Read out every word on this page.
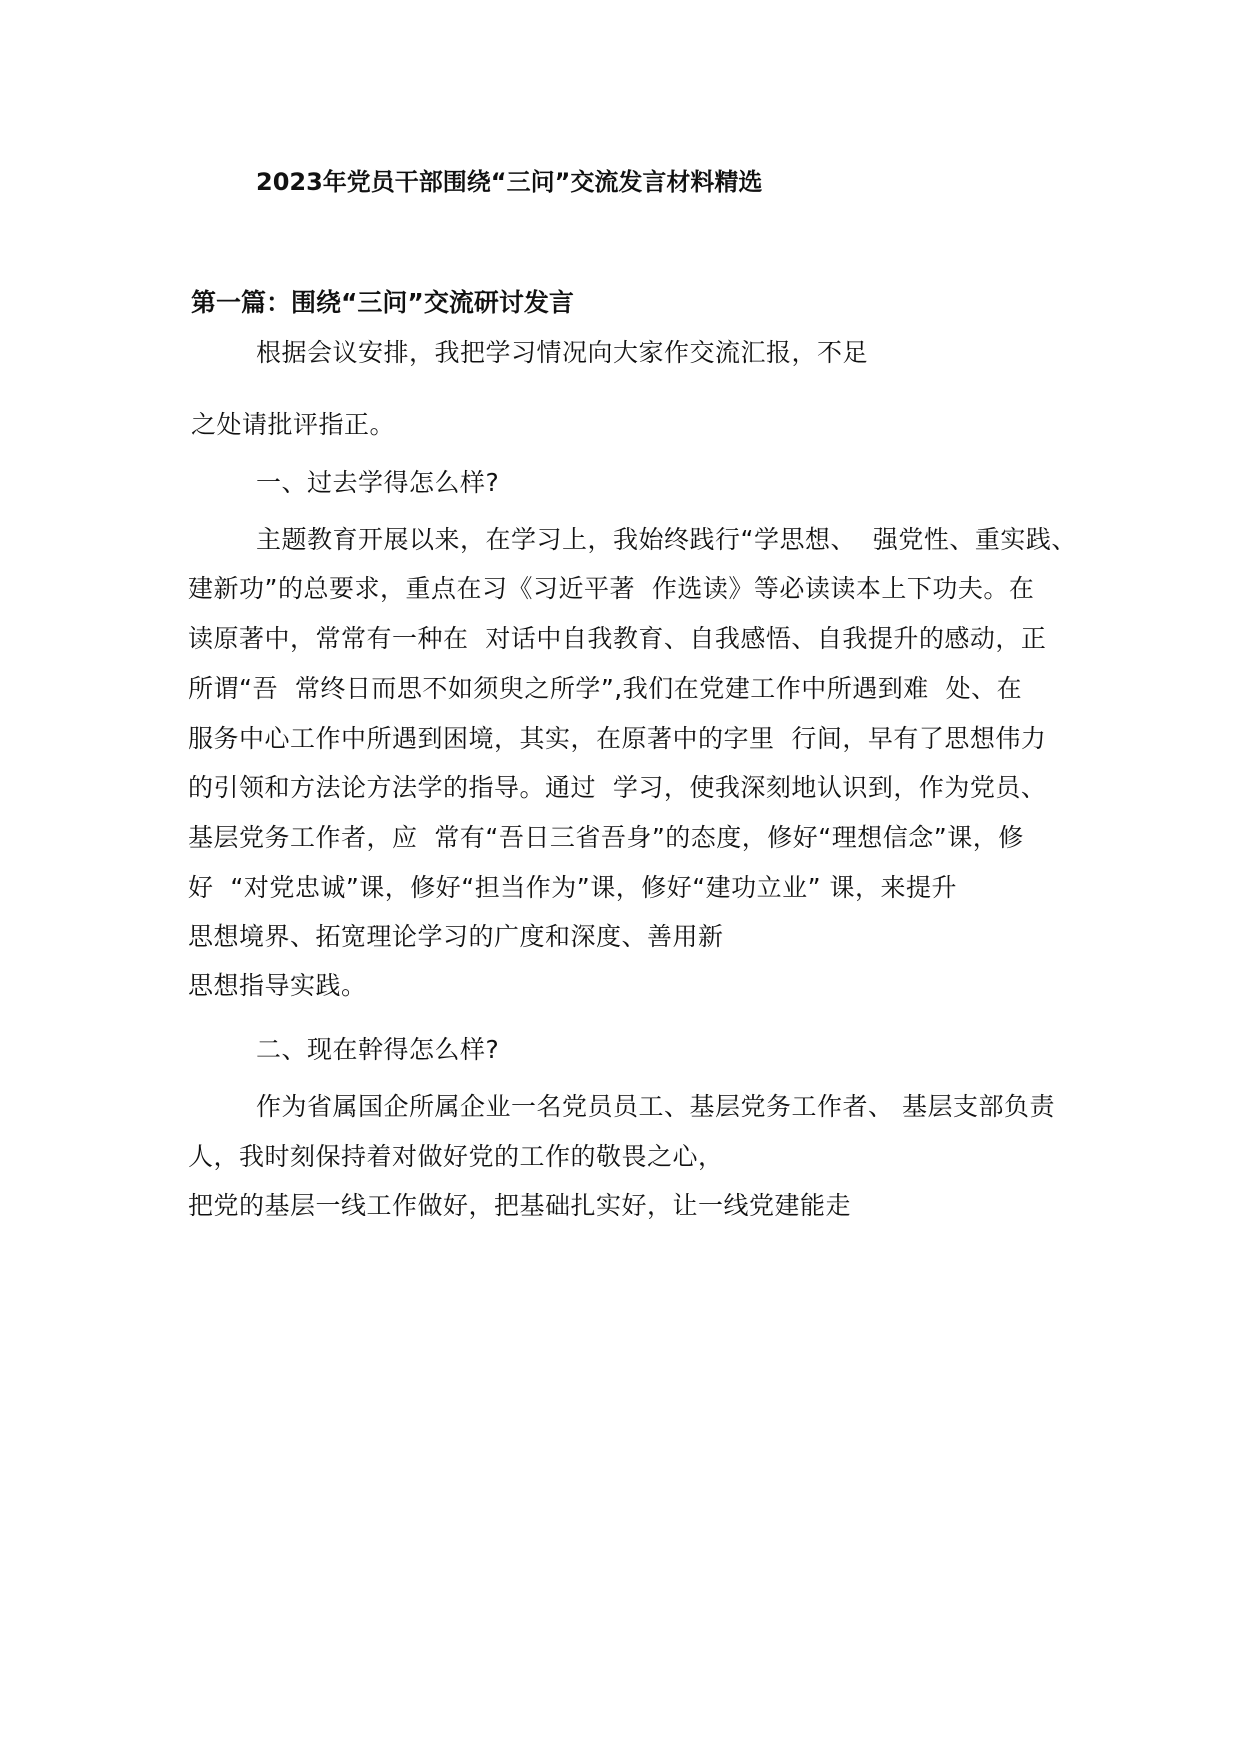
2023年党员干部围绕“三问”交流发言材料精选
第一篇：围绕“三问”交流研讨发言
根据会议安排，我把学习情况向大家作交流汇报，不足
之处请批评指正。
一、过去学得怎么样?
主题教育开展以来，在学习上，我始终践行“学思想、  强党性、重实践、
建新功”的总要求，重点在习《习近平著  作选读》等必读读本上下功夫。在
读原著中，常常有一种在  对话中自我教育、自我感悟、自我提升的感动，正
所谓“吾  常终日而思不如须臾之所学”,我们在党建工作中所遇到难  处、在
服务中心工作中所遇到困境，其实，在原著中的字里  行间，早有了思想伟力
的引领和方法论方法学的指导。通过  学习，使我深刻地认识到，作为党员、
基层党务工作者，应  常有“吾日三省吾身”的态度，修好“理想信念”课，修
好  “对党忠诚”课，修好“担当作为”课，修好“建功立业” 课，来提升
思想境界、拓宽理论学习的广度和深度、善用新
思想指导实践。
二、现在幹得怎么样?
作为省属国企所属企业一名党员员工、基层党务工作者、 基层支部负责
人，我时刻保持着对做好党的工作的敬畏之心，
把党的基层一线工作做好，把基础扎实好，让一线党建能走
